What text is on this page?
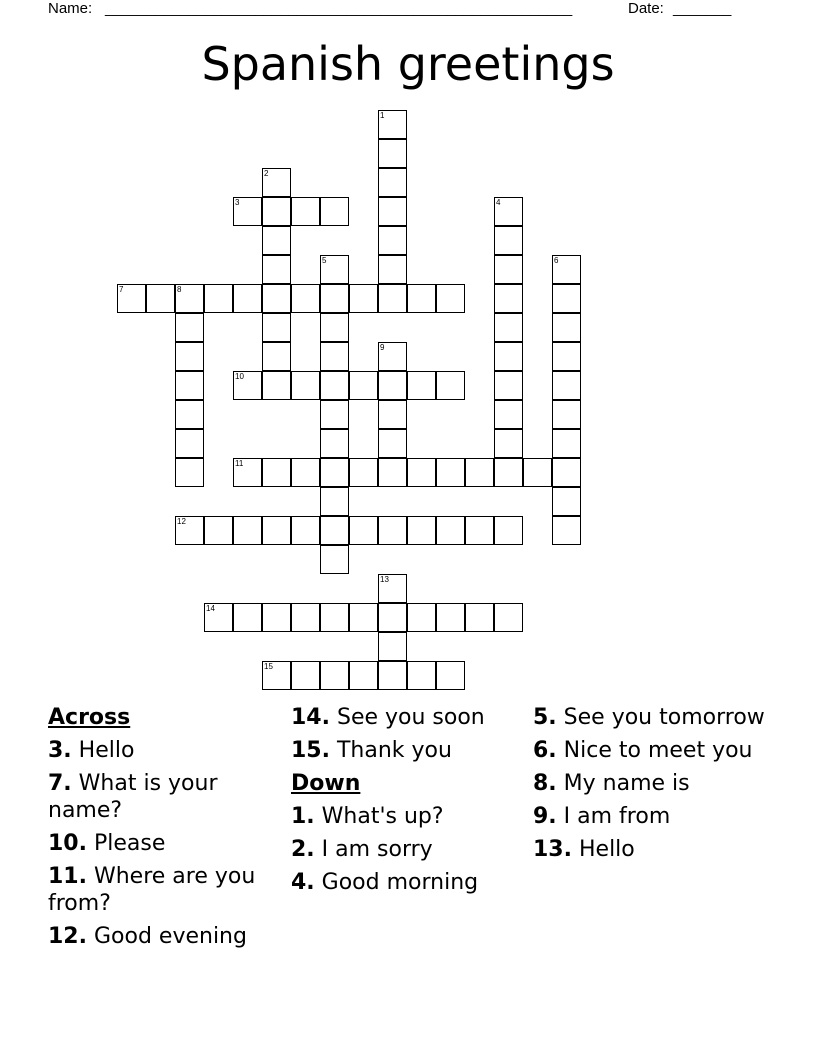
Name: ________________________________________________________	Date: _______
Spanish greetings
1
2
3	4
5	6
7	8
9
10
11
12
13
14
15
Across
3. Hello
7. What is your name?
10. Please
11. Where are you from?
12. Good evening
14. See you soon
15. Thank you
Down
1. What's up?
2. I am sorry
4. Good morning
5. See you tomorrow
6. Nice to meet you
8. My name is
9. I am from
13. Hello
